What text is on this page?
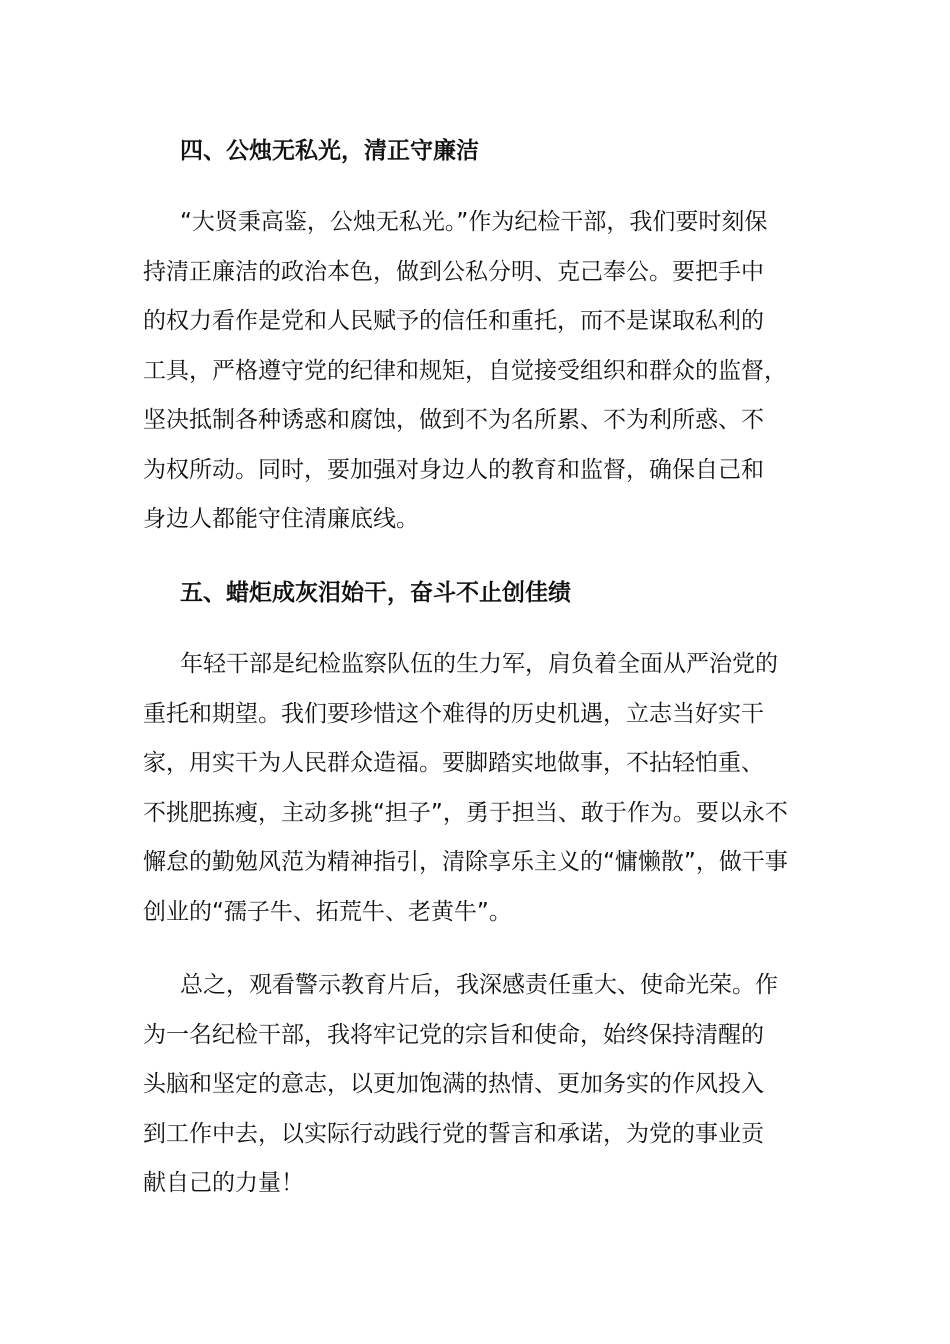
四、公烛无私光，清正守廉洁
“大贤秉高鉴，公烛无私光。”作为纪检干部，我们要时刻保
持清正廉洁的政治本色，做到公私分明、克己奉公。要把手中
的权力看作是党和人民赋予的信任和重托，而不是谋取私利的
工具，严格遵守党的纪律和规矩，自觉接受组织和群众的监督，
坚决抵制各种诱惑和腐蚀，做到不为名所累、不为利所惑、不
为权所动。同时，要加强对身边人的教育和监督，确保自己和
身边人都能守住清廉底线。
五、蜡炬成灰泪始干，奋斗不止创佳绩
年轻干部是纪检监察队伍的生力军，肩负着全面从严治党的
重托和期望。我们要珍惜这个难得的历史机遇，立志当好实干
家，用实干为人民群众造福。要脚踏实地做事，不拈轻怕重、
不挑肥拣瘦，主动多挑“担子”，勇于担当、敢于作为。要以永不
懈怠的勤勉风范为精神指引，清除享乐主义的“慵懒散”，做干事
创业的“孺子牛、拓荒牛、老黄牛”。
总之，观看警示教育片后，我深感责任重大、使命光荣。作
为一名纪检干部，我将牢记党的宗旨和使命，始终保持清醒的
头脑和坚定的意志，以更加饱满的热情、更加务实的作风投入
到工作中去，以实际行动践行党的誓言和承诺，为党的事业贡
献自己的力量！
